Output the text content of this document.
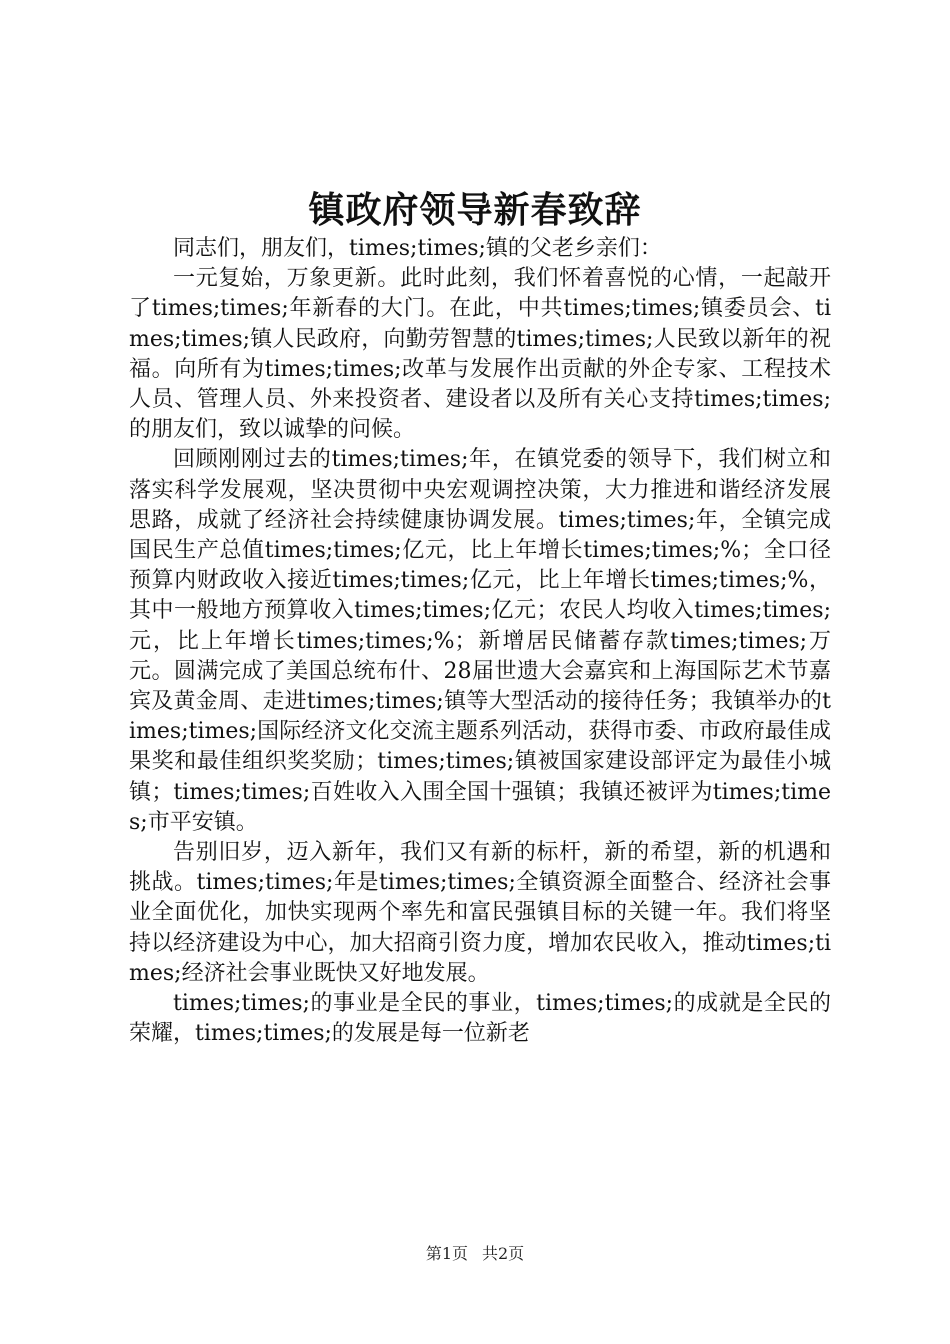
镇政府领导新春致辞

同志们，朋友们，times;times;镇的父老乡亲们：

一元复始，万象更新。此时此刻，我们怀着喜悦的心情，一起敲开了times;times;年新春的大门。在此，中共times;times;镇委员会、times;times;镇人民政府，向勤劳智慧的times;times;人民致以新年的祝福。向所有为times;times;改革与发展作出贡献的外企专家、工程技术人员、管理人员、外来投资者、建设者以及所有关心支持times;times;的朋友们，致以诚挚的问候。

回顾刚刚过去的times;times;年，在镇党委的领导下，我们树立和落实科学发展观，坚决贯彻中央宏观调控决策，大力推进和谐经济发展思路，成就了经济社会持续健康协调发展。times;times;年，全镇完成国民生产总值times;times;亿元，比上年增长times;times;%；全口径预算内财政收入接近times;times;亿元，比上年增长times;times;%，其中一般地方预算收入times;times;亿元；农民人均收入times;times;元，比上年增长times;times;%；新增居民储蓄存款times;times;万元。圆满完成了美国总统布什、28届世遗大会嘉宾和上海国际艺术节嘉宾及黄金周、走进times;times;镇等大型活动的接待任务；我镇举办的times;times;国际经济文化交流主题系列活动，获得市委、市政府最佳成果奖和最佳组织奖奖励；times;times;镇被国家建设部评定为最佳小城镇；times;times;百姓收入入围全国十强镇；我镇还被评为times;times;市平安镇。

告别旧岁，迈入新年，我们又有新的标杆，新的希望，新的机遇和挑战。times;times;年是times;times;全镇资源全面整合、经济社会事业全面优化，加快实现两个率先和富民强镇目标的关键一年。我们将坚持以经济建设为中心，加大招商引资力度，增加农民收入，推动times;times;经济社会事业既快又好地发展。

times;times;的事业是全民的事业，times;times;的成就是全民的荣耀，times;times;的发展是每一位新老

第1页 共2页
